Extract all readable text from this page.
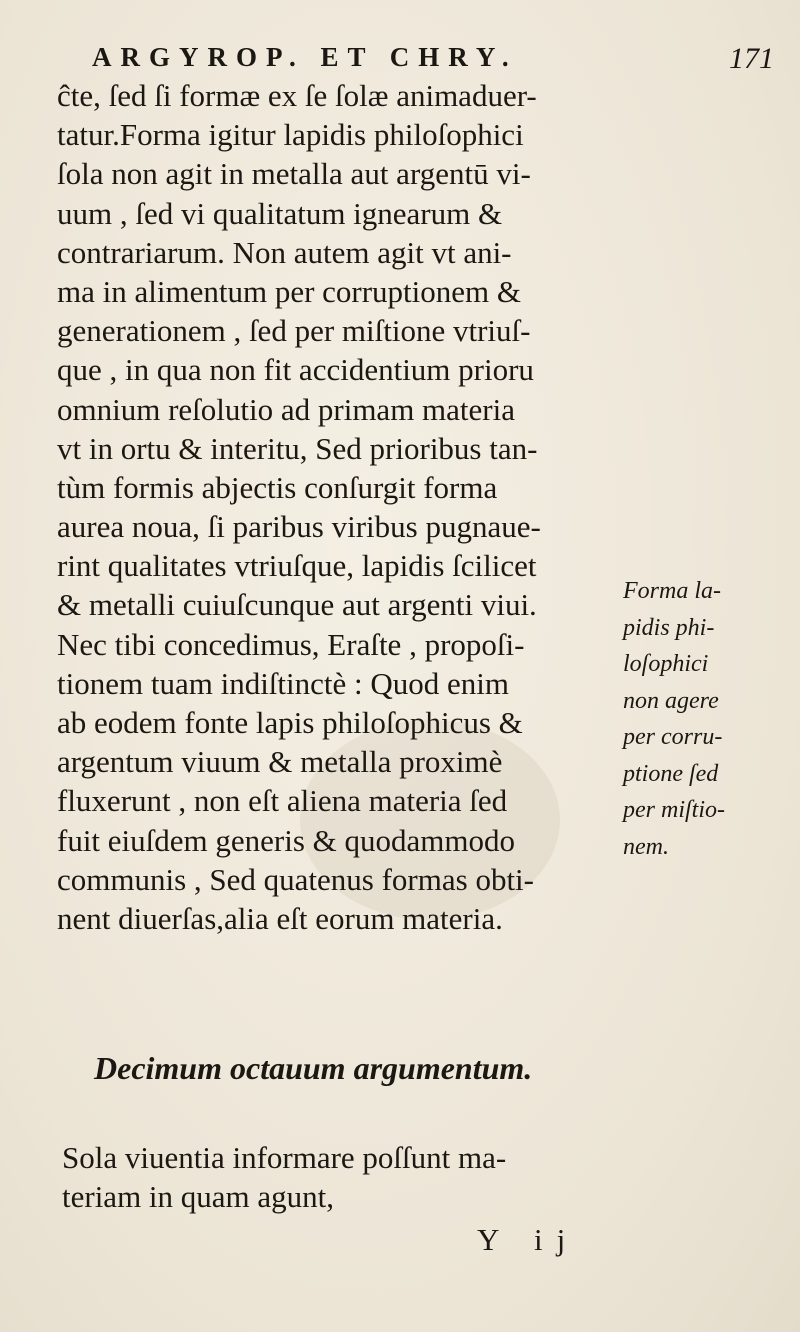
ARGYROP. ET CHRY.	171
ĉte, ſed ſi formæ ex ſe ſolæ animaduer-
tatur.Forma igitur lapidis philoſophici
ſola non agit in metalla aut argentū vi-
uum , ſed vi qualitatum ignearum &
contrariarum. Non autem agit vt ani-
ma in alimentum per corruptionem &
generationem , ſed per miſtione vtriuſ-
que , in qua non fit accidentium prioru
omnium reſolutio ad primam materia
vt in ortu & interitu, Sed prioribus tan-
tùm formis abjectis conſurgit forma
aurea noua, ſi paribus viribus pugnaue-
rint qualitates vtriuſque, lapidis ſcilicet
& metalli cuiuſcunque aut argenti viui.
Nec tibi concedimus, Eraſte , propoſi-
tionem tuam indiſtinctè : Quod enim
ab eodem fonte lapis philoſophicus &
argentum viuum & metalla proximè
fluxerunt , non eſt aliena materia ſed
fuit eiuſdem generis & quodammodo
communis , Sed quatenus formas obti-
nent diuerſas,alia eſt eorum materia.
Forma la-
pidis phi-
loſophici
non agere
per corru-
ptione ſed
per miſtio-
nem.
Decimum octauum argumentum.
Sola viuentia informare poſſunt ma-
teriam in quam agunt,
Y ij
